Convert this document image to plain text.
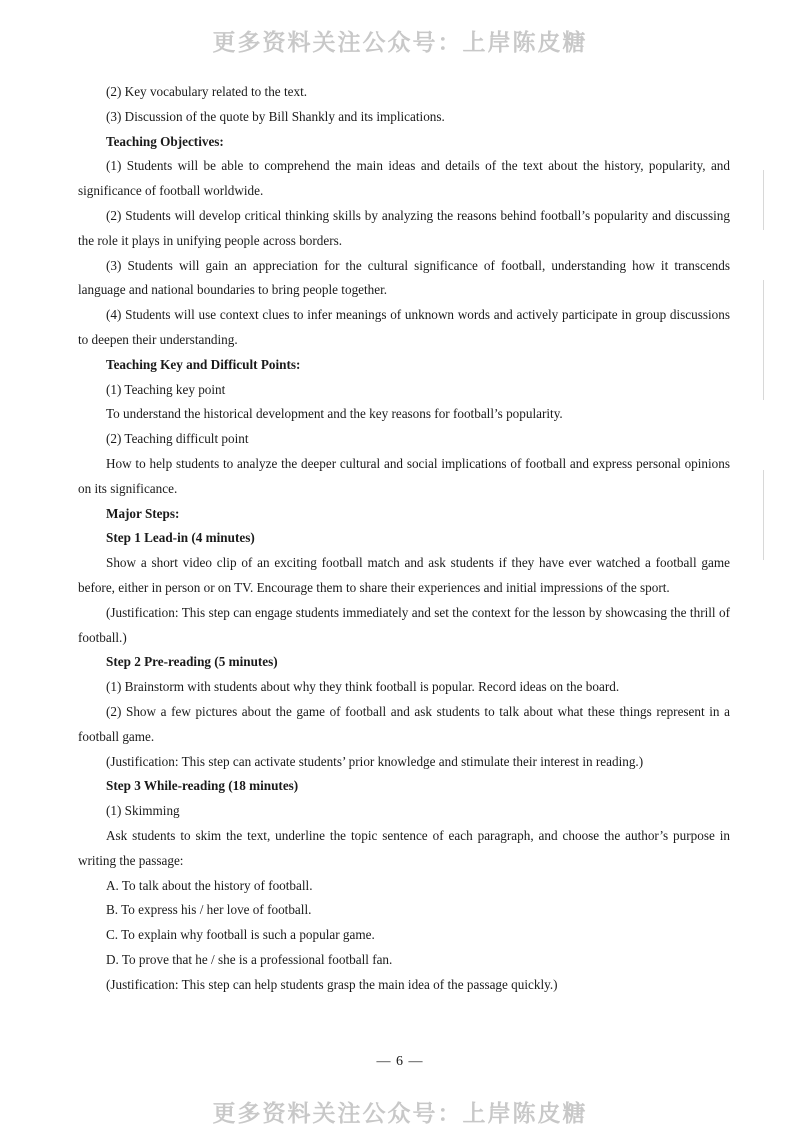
更多资料关注公众号：上岸陈皮糖

(2) Key vocabulary related to the text.

(3) Discussion of the quote by Bill Shankly and its implications.

Teaching Objectives:

(1) Students will be able to comprehend the main ideas and details of the text about the history, popularity, and significance of football worldwide.

(2) Students will develop critical thinking skills by analyzing the reasons behind football’s popularity and discussing the role it plays in unifying people across borders.

(3) Students will gain an appreciation for the cultural significance of football, understanding how it transcends language and national boundaries to bring people together.

(4) Students will use context clues to infer meanings of unknown words and actively participate in group discussions to deepen their understanding.

Teaching Key and Difficult Points:

(1) Teaching key point

To understand the historical development and the key reasons for football’s popularity.

(2) Teaching difficult point

How to help students to analyze the deeper cultural and social implications of football and express personal opinions on its significance.

Major Steps:

Step 1 Lead-in (4 minutes)

Show a short video clip of an exciting football match and ask students if they have ever watched a football game before, either in person or on TV. Encourage them to share their experiences and initial impressions of the sport.

(Justification: This step can engage students immediately and set the context for the lesson by showcasing the thrill of football.)

Step 2 Pre-reading (5 minutes)

(1) Brainstorm with students about why they think football is popular. Record ideas on the board.

(2) Show a few pictures about the game of football and ask students to talk about what these things represent in a football game.

(Justification: This step can activate students’ prior knowledge and stimulate their interest in reading.)

Step 3 While-reading (18 minutes)

(1) Skimming

Ask students to skim the text, underline the topic sentence of each paragraph, and choose the author’s purpose in writing the passage:

A. To talk about the history of football.

B. To express his / her love of football.

C. To explain why football is such a popular game.

D. To prove that he / she is a professional football fan.

(Justification: This step can help students grasp the main idea of the passage quickly.)

— 6 —
更多资料关注公众号：上岸陈皮糖
